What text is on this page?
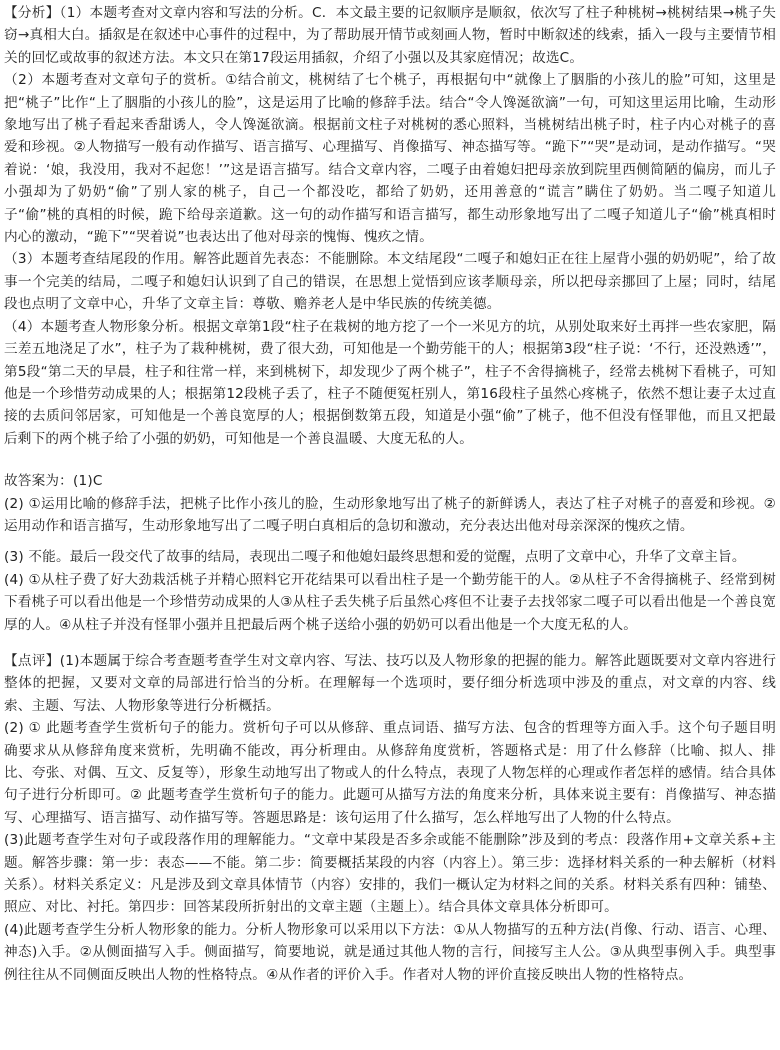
【分析】（1）本题考查对文章内容和写法的分析。C．本文最主要的记叙顺序是顺叙，依次写了柱子种桃树→桃树结果→桃子失窃→真相大白。插叙是在叙述中心事件的过程中，为了帮助展开情节或刻画人物，暂时中断叙述的线索，插入一段与主要情节相关的回忆或故事的叙述方法。本文只在第17段运用插叙，介绍了小强以及其家庭情况；故选C。

（2）本题考查对文章句子的赏析。①结合前文，桃树结了七个桃子，再根据句中“就像上了胭脂的小孩儿的脸”可知，这里是把“桃子”比作“上了胭脂的小孩儿的脸”，这是运用了比喻的修辞手法。结合“令人馋涎欲滴”一句，可知这里运用比喻，生动形象地写出了桃子看起来香甜诱人，令人馋涎欲滴。根据前文柱子对桃树的悉心照料，当桃树结出桃子时，柱子内心对桃子的喜爱和珍视。②人物描写一般有动作描写、语言描写、心理描写、肖像描写、神态描写等。“跪下”“哭”是动词，是动作描写。“哭着说：‘娘，我没用，我对不起您！’”这是语言描写。结合文章内容，二嘎子由着媳妇把母亲放到院里西侧简陋的偏房，而儿子小强却为了奶奶“偷”了别人家的桃子，自己一个都没吃，都给了奶奶，还用善意的“谎言”瞒住了奶奶。当二嘎子知道儿子“偷”桃的真相的时候，跪下给母亲道歉。这一句的动作描写和语言描写，都生动形象地写出了二嘎子知道儿子“偷”桃真相时内心的激动，“跪下”“哭着说”也表达出了他对母亲的愧悔、愧疚之情。

（3）本题考查结尾段的作用。解答此题首先表态：不能删除。本文结尾段“二嘎子和媳妇正在往上屋背小强的奶奶呢”，给了故事一个完美的结局，二嘎子和媳妇认识到了自己的错误，在思想上觉悟到应该孝顺母亲，所以把母亲挪回了上屋；同时，结尾段也点明了文章中心，升华了文章主旨：尊敬、赡养老人是中华民族的传统美德。

（4）本题考查人物形象分析。根据文章第1段“柱子在栽树的地方挖了一个一米见方的坑，从别处取来好土再拌一些农家肥，隔三差五地浇足了水”，柱子为了栽种桃树，费了很大劲，可知他是一个勤劳能干的人；根据第3段“柱子说：‘不行，还没熟透’”，第5段“第二天的早晨，柱子和往常一样，来到桃树下，却发现少了两个桃子”，柱子不舍得摘桃子，经常去桃树下看桃子，可知他是一个珍惜劳动成果的人；根据第12段桃子丢了，柱子不随便冤枉别人，第16段柱子虽然心疼桃子，依然不想让妻子太过直接的去质问邻居家，可知他是一个善良宽厚的人；根据倒数第五段，知道是小强“偷”了桃子，他不但没有怪罪他，而且又把最后剩下的两个桃子给了小强的奶奶，可知他是一个善良温暖、大度无私的人。

故答案为：(1)C

(2) ①运用比喻的修辞手法，把桃子比作小孩儿的脸，生动形象地写出了桃子的新鲜诱人，表达了柱子对桃子的喜爱和珍视。②运用动作和语言描写，生动形象地写出了二嘎子明白真相后的急切和激动，充分表达出他对母亲深深的愧疚之情。

(3) 不能。最后一段交代了故事的结局，表现出二嘎子和他媳妇最终思想和爱的觉醒，点明了文章中心，升华了文章主旨。

(4) ①从柱子费了好大劲栽活桃子并精心照料它开花结果可以看出柱子是一个勤劳能干的人。②从柱子不舍得摘桃子、经常到树下看桃子可以看出他是一个珍惜劳动成果的人③从柱子丢失桃子后虽然心疼但不让妻子去找邻家二嘎子可以看出他是一个善良宽厚的人。④从柱子并没有怪罪小强并且把最后两个桃子送给小强的奶奶可以看出他是一个大度无私的人。

【点评】(1)本题属于综合考查题考查学生对文章内容、写法、技巧以及人物形象的把握的能力。解答此题既要对文章内容进行整体的把握，又要对文章的局部进行恰当的分析。在理解每一个选项时，要仔细分析选项中涉及的重点，对文章的内容、线索、主题、写法、人物形象等进行分析概括。

(2) ① 此题考查学生赏析句子的能力。赏析句子可以从修辞、重点词语、描写方法、包含的哲理等方面入手。这个句子题目明确要求从从修辞角度来赏析，先明确不能改，再分析理由。从修辞角度赏析，答题格式是：用了什么修辞（比喻、拟人、排比、夸张、对偶、互文、反复等），形象生动地写出了物或人的什么特点，表现了人物怎样的心理或作者怎样的感情。结合具体句子进行分析即可。② 此题考查学生赏析句子的能力。此题可从描写方法的角度来分析，具体来说主要有：肖像描写、神态描写、心理描写、语言描写、动作描写等。答题思路是：该句运用了什么描写，怎么样地写出了人物的什么特点。

(3)此题考查学生对句子或段落作用的理解能力。“文章中某段是否多余或能不能删除”涉及到的考点：段落作用+文章关系+主题。解答步骤：第一步：表态——不能。第二步：简要概括某段的内容（内容上）。第三步：选择材料关系的一种去解析（材料关系）。材料关系定义：凡是涉及到文章具体情节（内容）安排的，我们一概认定为材料之间的关系。材料关系有四种：铺垫、照应、对比、衬托。第四步：回答某段所折射出的文章主题（主题上）。结合具体文章具体分析即可。

(4)此题考查学生分析人物形象的能力。分析人物形象可以采用以下方法：①从人物描写的五种方法(肖像、行动、语言、心理、神态)入手。②从侧面描写入手。侧面描写，简要地说，就是通过其他人物的言行，间接写主人公。③从典型事例入手。典型事例往往从不同侧面反映出人物的性格特点。④从作者的评价入手。作者对人物的评价直接反映出人物的性格特点。
